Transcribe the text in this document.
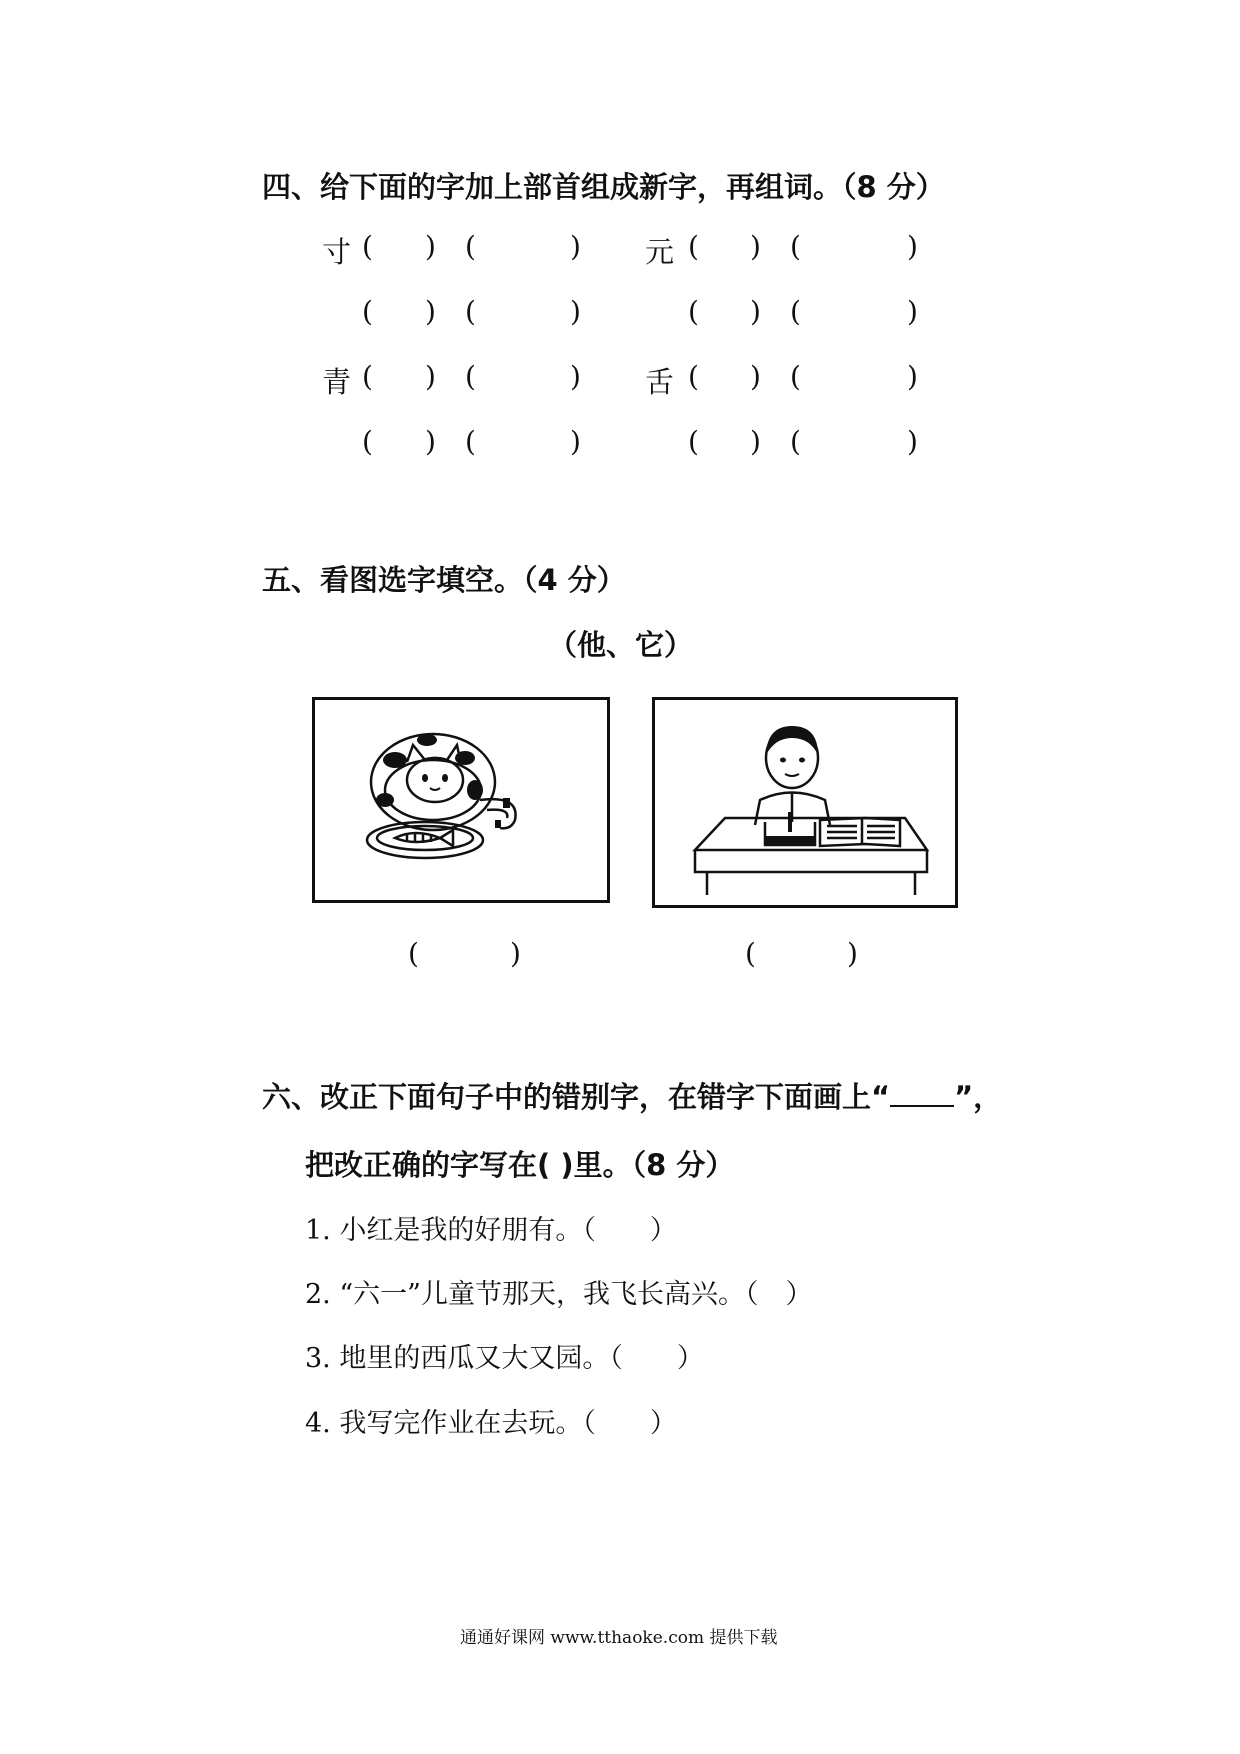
四、给下面的字加上部首组成新字，再组词。（8 分）
寸 ( ) (	) 元 ( ) (	)
( ) (	)	( ) (	)
青 ( ) (	) 舌 ( ) (	)
( ) (	)	( ) (	)
五、看图选字填空。（4 分）
（他、它）
(	)	(	)
六、改正下面句子中的错别字，在错字下面画上“ ”，
把改正确的字写在( )里。（8 分）
1. 小红是我的好朋有。（　　）
2. “六一”儿童节那天，我飞长高兴。（　）
3. 地里的西瓜又大又园。（　　）
4. 我写完作业在去玩。（　　）
通通好课网 www.tthaoke.com 提供下载
